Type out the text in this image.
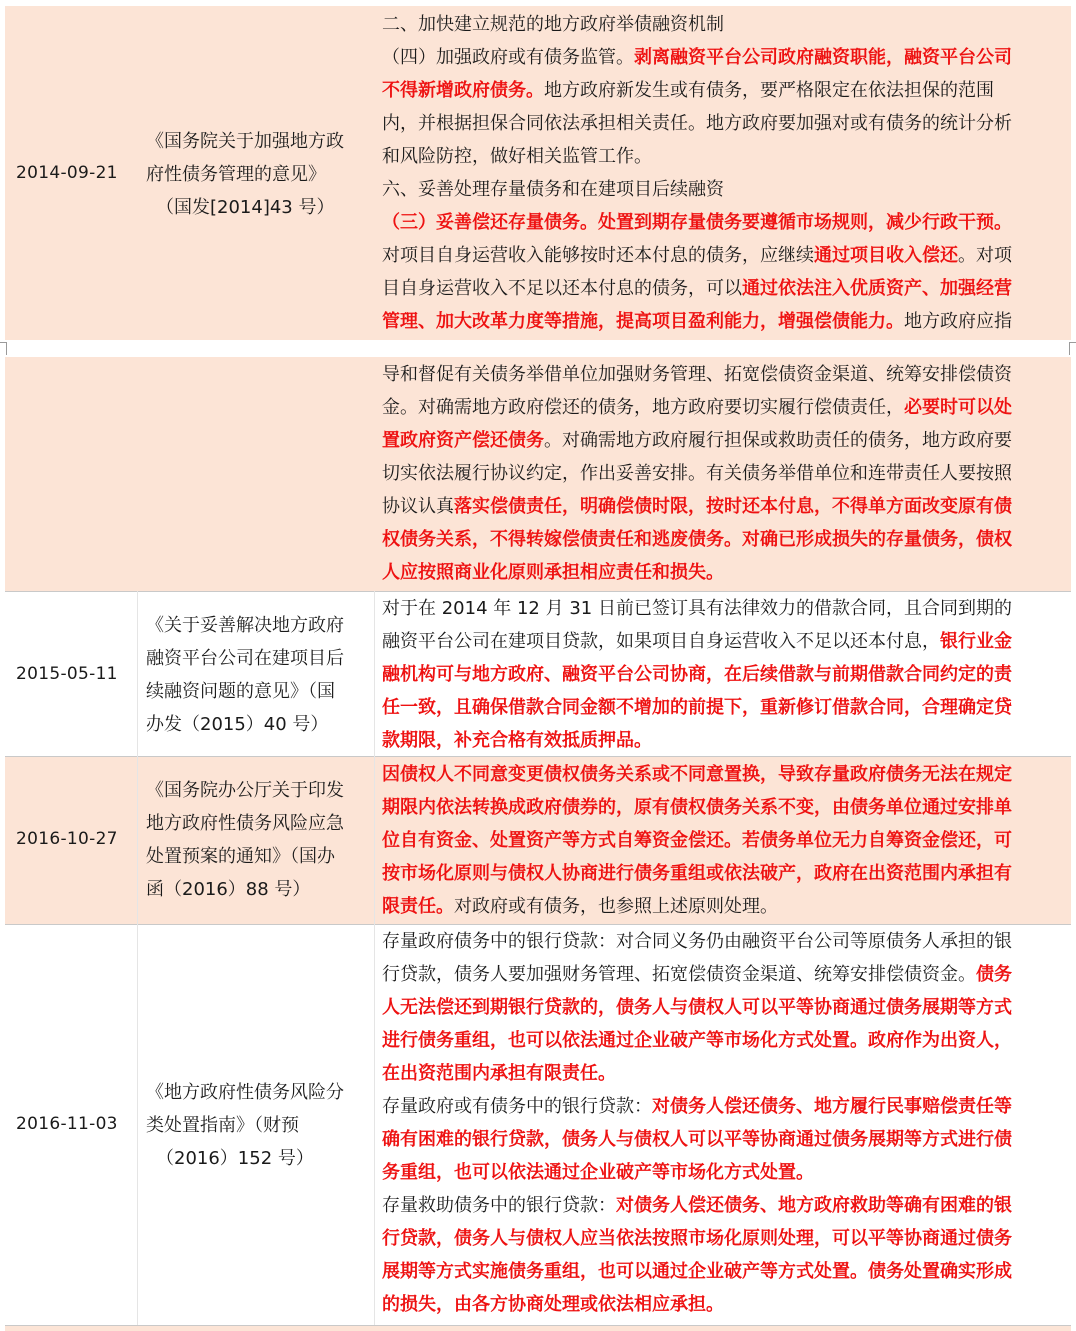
2014-09-21
《国务院关于加强地方政
府性债务管理的意见》
（国发[2014]43 号）
二、加快建立规范的地方政府举债融资机制
（四）加强政府或有债务监管。剥离融资平台公司政府融资职能，融资平台公司
不得新增政府债务。地方政府新发生或有债务，要严格限定在依法担保的范围
内，并根据担保合同依法承担相关责任。地方政府要加强对或有债务的统计分析
和风险防控，做好相关监管工作。
六、妥善处理存量债务和在建项目后续融资
（三）妥善偿还存量债务。处置到期存量债务要遵循市场规则，减少行政干预。
对项目自身运营收入能够按时还本付息的债务，应继续通过项目收入偿还。对项
目自身运营收入不足以还本付息的债务，可以通过依法注入优质资产、加强经营
管理、加大改革力度等措施，提高项目盈利能力，增强偿债能力。地方政府应指
导和督促有关债务举借单位加强财务管理、拓宽偿债资金渠道、统筹安排偿债资
金。对确需地方政府偿还的债务，地方政府要切实履行偿债责任，必要时可以处
置政府资产偿还债务。对确需地方政府履行担保或救助责任的债务，地方政府要
切实依法履行协议约定，作出妥善安排。有关债务举借单位和连带责任人要按照
协议认真落实偿债责任，明确偿债时限，按时还本付息，不得单方面改变原有债
权债务关系，不得转嫁偿债责任和逃废债务。对确已形成损失的存量债务，债权
人应按照商业化原则承担相应责任和损失。
2015-05-11
《关于妥善解决地方政府
融资平台公司在建项目后
续融资问题的意见》（国
办发（2015）40 号）
对于在 2014 年 12 月 31 日前已签订具有法律效力的借款合同，且合同到期的
融资平台公司在建项目贷款，如果项目自身运营收入不足以还本付息，银行业金
融机构可与地方政府、融资平台公司协商，在后续借款与前期借款合同约定的责
任一致，且确保借款合同金额不增加的前提下，重新修订借款合同，合理确定贷
款期限，补充合格有效抵质押品。
2016-10-27
《国务院办公厅关于印发
地方政府性债务风险应急
处置预案的通知》（国办
函（2016）88 号）
因债权人不同意变更债权债务关系或不同意置换，导致存量政府债务无法在规定
期限内依法转换成政府债券的，原有债权债务关系不变，由债务单位通过安排单
位自有资金、处置资产等方式自筹资金偿还。若债务单位无力自筹资金偿还，可
按市场化原则与债权人协商进行债务重组或依法破产，政府在出资范围内承担有
限责任。对政府或有债务，也参照上述原则处理。
2016-11-03
《地方政府性债务风险分
类处置指南》（财预
（2016）152 号）
存量政府债务中的银行贷款：对合同义务仍由融资平台公司等原债务人承担的银
行贷款，债务人要加强财务管理、拓宽偿债资金渠道、统筹安排偿债资金。债务
人无法偿还到期银行贷款的，债务人与债权人可以平等协商通过债务展期等方式
进行债务重组，也可以依法通过企业破产等市场化方式处置。政府作为出资人，
在出资范围内承担有限责任。
存量政府或有债务中的银行贷款：对债务人偿还债务、地方履行民事赔偿责任等
确有困难的银行贷款，债务人与债权人可以平等协商通过债务展期等方式进行债
务重组，也可以依法通过企业破产等市场化方式处置。
存量救助债务中的银行贷款：对债务人偿还债务、地方政府救助等确有困难的银
行贷款，债务人与债权人应当依法按照市场化原则处理，可以平等协商通过债务
展期等方式实施债务重组，也可以通过企业破产等方式处置。债务处置确实形成
的损失，由各方协商处理或依法相应承担。
